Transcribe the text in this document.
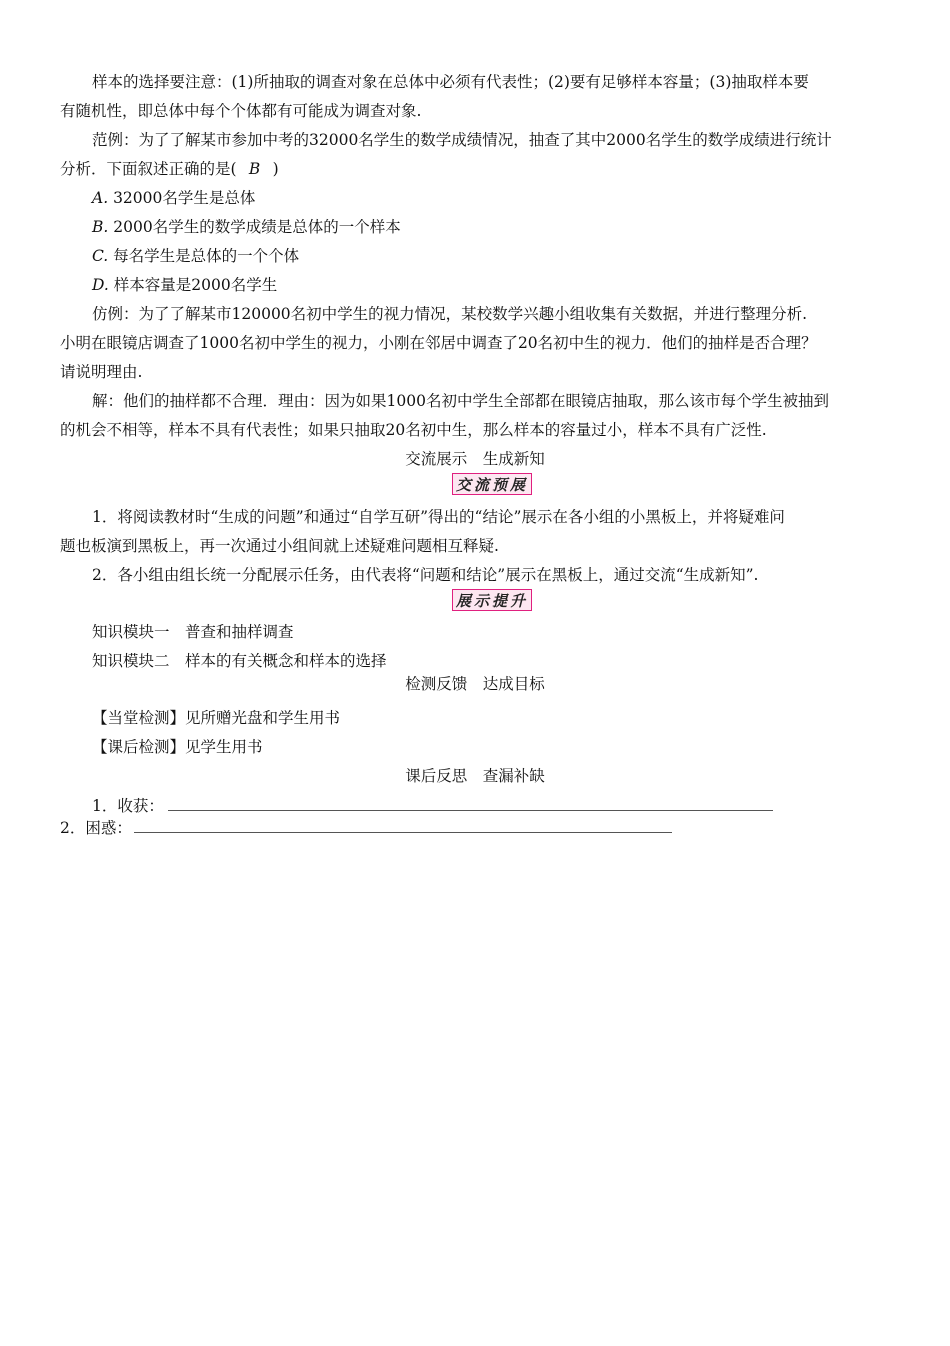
样本的选择要注意：(1)所抽取的调查对象在总体中必须有代表性；(2)要有足够样本容量；(3)抽取样本要
有随机性，即总体中每个个体都有可能成为调查对象.
范例：为了了解某市参加中考的32000名学生的数学成绩情况，抽查了其中2000名学生的数学成绩进行统计
分析．下面叙述正确的是( B )
A. 32000名学生是总体
B. 2000名学生的数学成绩是总体的一个样本
C. 每名学生是总体的一个个体
D. 样本容量是2000名学生
仿例：为了了解某市120000名初中学生的视力情况，某校数学兴趣小组收集有关数据，并进行整理分析.
小明在眼镜店调查了1000名初中学生的视力，小刚在邻居中调查了20名初中生的视力．他们的抽样是否合理？
请说明理由.
解：他们的抽样都不合理．理由：因为如果1000名初中学生全部都在眼镜店抽取，那么该市每个学生被抽到
的机会不相等，样本不具有代表性；如果只抽取20名初中生，那么样本的容量过小，样本不具有广泛性.
交流展示　生成新知
交流预展
1．将阅读教材时“生成的问题”和通过“自学互研”得出的“结论”展示在各小组的小黑板上，并将疑难问
题也板演到黑板上，再一次通过小组间就上述疑难问题相互释疑.
2．各小组由组长统一分配展示任务，由代表将“问题和结论”展示在黑板上，通过交流“生成新知”.
展示提升
知识模块一　普查和抽样调查
知识模块二　样本的有关概念和样本的选择
检测反馈　达成目标
【当堂检测】见所赠光盘和学生用书
【课后检测】见学生用书
课后反思　查漏补缺
1．收获：
2．困惑：
